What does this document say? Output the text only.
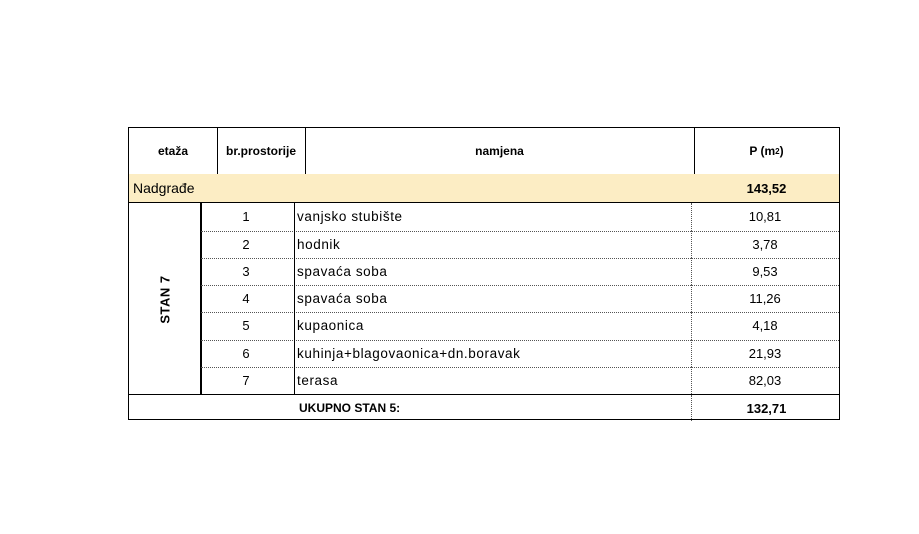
etaža	br.prostorije	namjena	P (m 2 )
Nadgrađe	143,52
STAN 7
1	vanjsko stubište	10,81
2	hodnik	3,78
3	spavaća soba	9,53
4	spavaća soba	11,26
5	kupaonica	4,18
6	kuhinja+blagovaonica+dn.boravak	21,93
7	terasa	82,03
UKUPNO STAN 5:	132,71
